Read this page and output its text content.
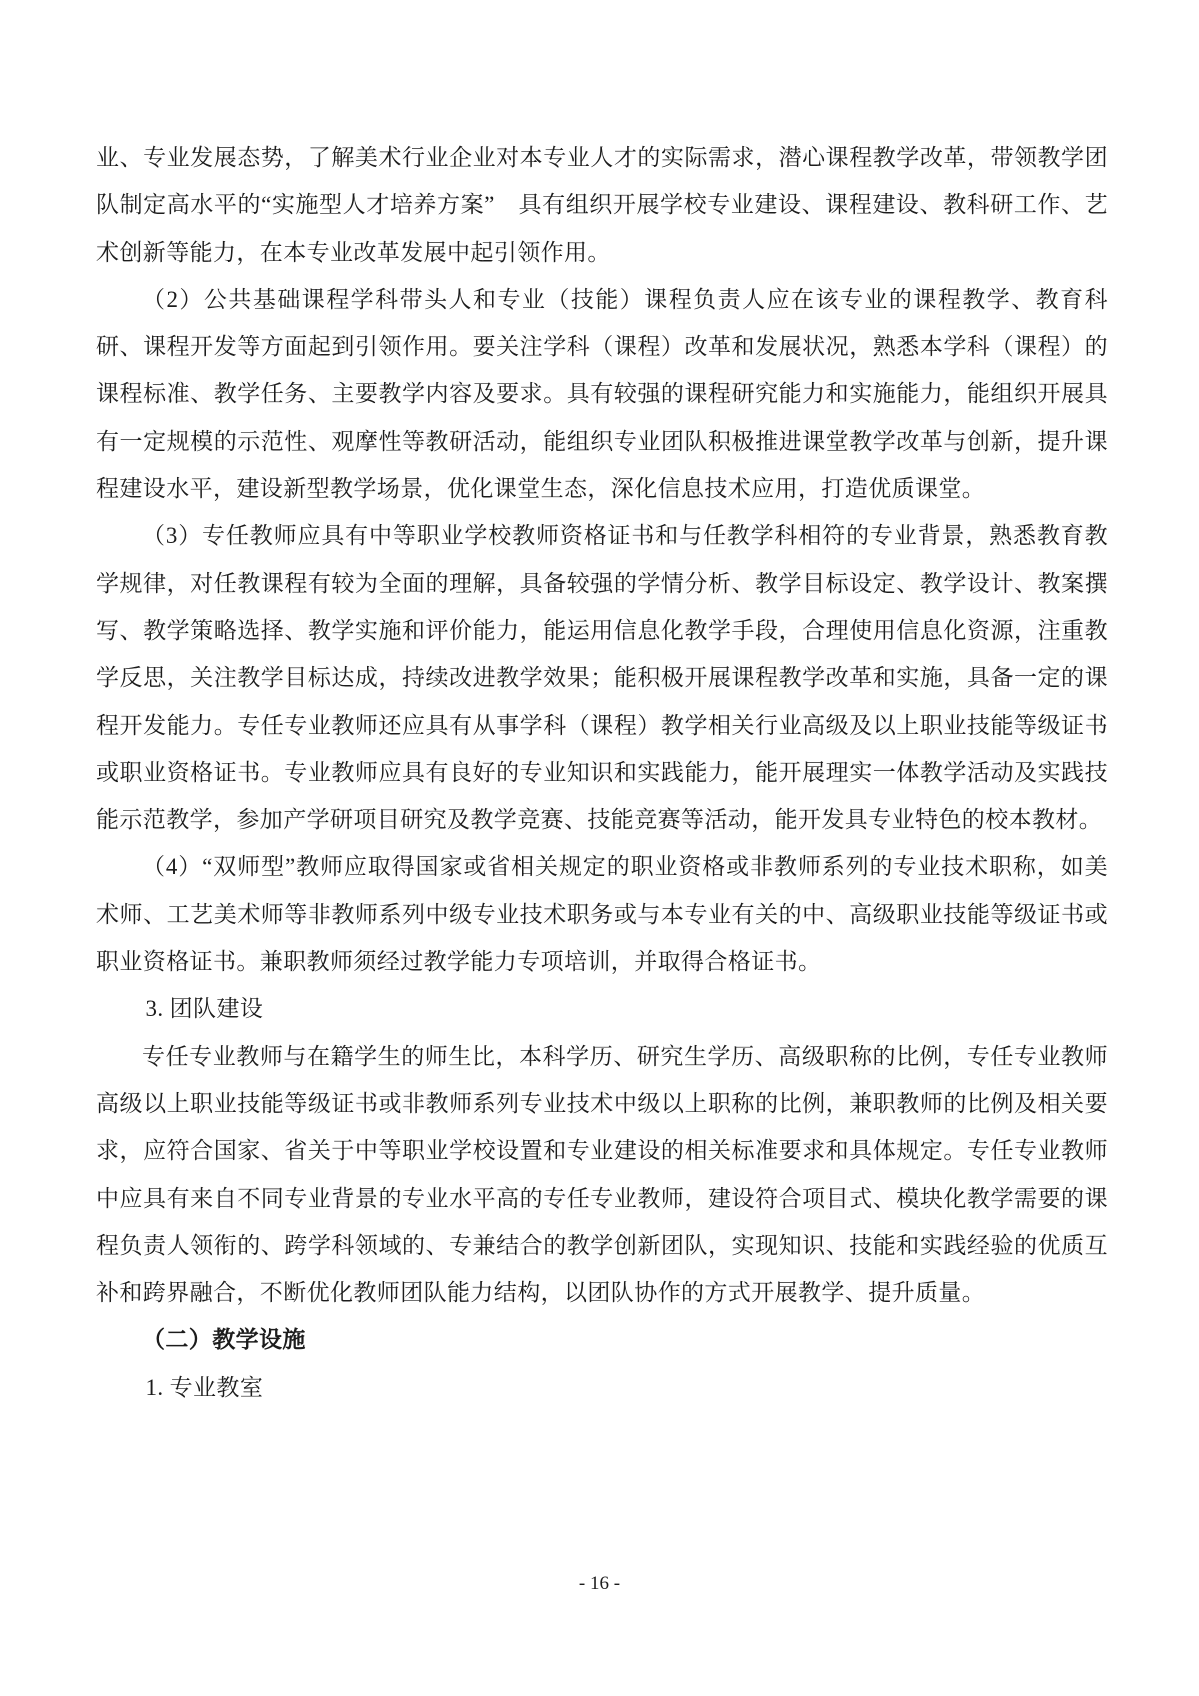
业、专业发展态势，了解美术行业企业对本专业人才的实际需求，潜心课程教学改革，带领教学团队制定高水平的“实施型人才培养方案”　具有组织开展学校专业建设、课程建设、教科研工作、艺术创新等能力，在本专业改革发展中起引领作用。

（2）公共基础课程学科带头人和专业（技能）课程负责人应在该专业的课程教学、教育科研、课程开发等方面起到引领作用。要关注学科（课程）改革和发展状况，熟悉本学科（课程）的课程标准、教学任务、主要教学内容及要求。具有较强的课程研究能力和实施能力，能组织开展具有一定规模的示范性、观摩性等教研活动，能组织专业团队积极推进课堂教学改革与创新，提升课程建设水平，建设新型教学场景，优化课堂生态，深化信息技术应用，打造优质课堂。

（3）专任教师应具有中等职业学校教师资格证书和与任教学科相符的专业背景，熟悉教育教学规律，对任教课程有较为全面的理解，具备较强的学情分析、教学目标设定、教学设计、教案撰写、教学策略选择、教学实施和评价能力，能运用信息化教学手段，合理使用信息化资源，注重教学反思，关注教学目标达成，持续改进教学效果；能积极开展课程教学改革和实施，具备一定的课程开发能力。专任专业教师还应具有从事学科（课程）教学相关行业高级及以上职业技能等级证书或职业资格证书。专业教师应具有良好的专业知识和实践能力，能开展理实一体教学活动及实践技能示范教学，参加产学研项目研究及教学竞赛、技能竞赛等活动，能开发具专业特色的校本教材。

（4）“双师型”教师应取得国家或省相关规定的职业资格或非教师系列的专业技术职称，如美术师、工艺美术师等非教师系列中级专业技术职务或与本专业有关的中、高级职业技能等级证书或职业资格证书。兼职教师须经过教学能力专项培训，并取得合格证书。

3. 团队建设

专任专业教师与在籍学生的师生比，本科学历、研究生学历、高级职称的比例，专任专业教师高级以上职业技能等级证书或非教师系列专业技术中级以上职称的比例，兼职教师的比例及相关要求，应符合国家、省关于中等职业学校设置和专业建设的相关标准要求和具体规定。专任专业教师中应具有来自不同专业背景的专业水平高的专任专业教师，建设符合项目式、模块化教学需要的课程负责人领衔的、跨学科领域的、专兼结合的教学创新团队，实现知识、技能和实践经验的优质互补和跨界融合，不断优化教师团队能力结构，以团队协作的方式开展教学、提升质量。

（二）教学设施

1. 专业教室

- 16 -
